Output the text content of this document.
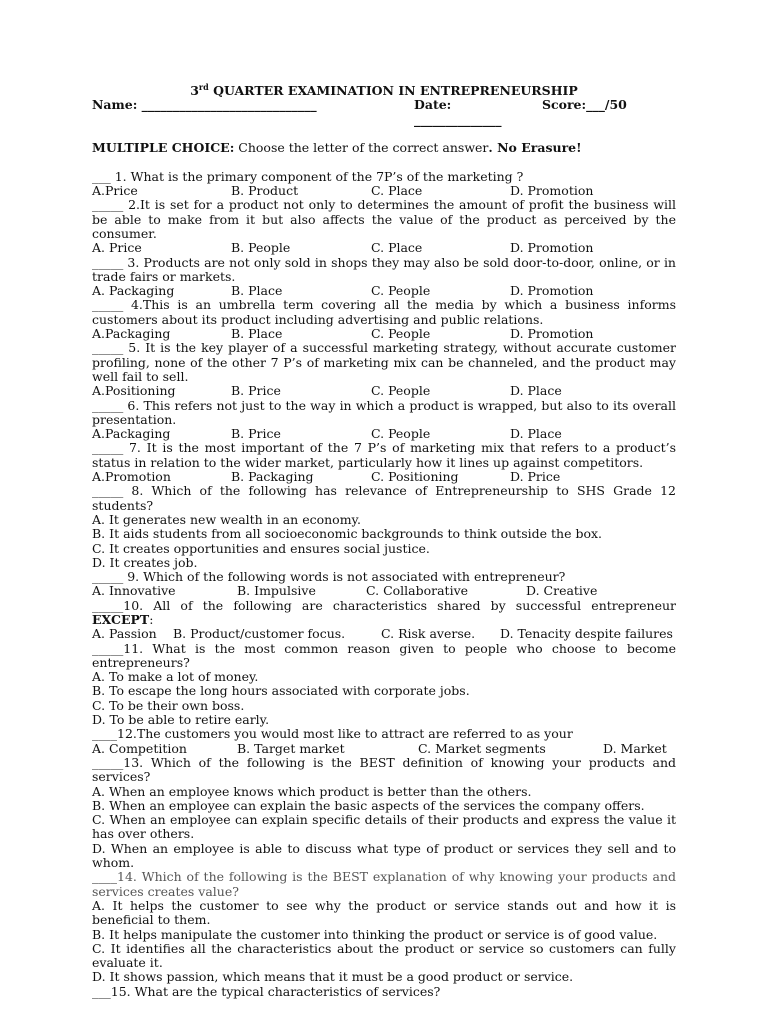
3rd QUARTER EXAMINATION IN ENTREPRENEURSHIP
Name: ____________________________	Date: ______________
Score:___/50
MULTIPLE CHOICE: Choose the letter of the correct answer. No Erasure!
___ 1. What is the primary component of the 7P’s of the marketing ?
A.Price	B. Product	C. Place	D. Promotion
_____ 2.It is set for a product not only to determines the amount of profit the business will be able to make from it but also affects the value of the product as perceived by the consumer.
A. Price	B. People	C. Place	D. Promotion
_____ 3. Products are not only sold in shops they may also be sold door-to-door, online, or in trade fairs or markets.
A. Packaging	B. Place	C. People	D. Promotion
_____ 4.This is an umbrella term covering all the media by which a business informs customers about its product including advertising and public relations.
A.Packaging	B. Place	C. People	D. Promotion
_____ 5. It is the key player of a successful marketing strategy, without accurate customer profiling, none of the other 7 P’s of marketing mix can be channeled, and the product may well fail to sell.
A.Positioning	B. Price	C. People	D. Place
_____ 6. This refers not just to the way in which a product is wrapped, but also to its overall presentation.
A.Packaging	B. Price	C. People	D. Place
_____ 7. It is the most important of the 7 P’s of marketing mix that refers to a product’s status in relation to the wider market, particularly how it lines up against competitors.
A.Promotion	B. Packaging	C. Positioning	D. Price
_____ 8. Which of the following has relevance of Entrepreneurship to SHS Grade 12 students?
A. It generates new wealth in an economy.
B. It aids students from all socioeconomic backgrounds to think outside the box.
C. It creates opportunities and ensures social justice.
D. It creates job.
_____ 9. Which of the following words is not associated with entrepreneur?
A. Innovative	B. Impulsive	C. Collaborative	D. Creative
_____10. All of the following are characteristics shared by successful entrepreneur EXCEPT:
A. Passion	B. Product/customer focus.	C. Risk averse.	D. Tenacity despite failures
_____11. What is the most common reason given to people who choose to become entrepreneurs?
A. To make a lot of money.
B. To escape the long hours associated with corporate jobs.
C. To be their own boss.
D. To be able to retire early.
____12.The customers you would most like to attract are referred to as your
A. Competition	B. Target market	C. Market segments	D. Market
_____13. Which of the following is the BEST definition of knowing your products and services?
A. When an employee knows which product is better than the others.
B. When an employee can explain the basic aspects of the services the company offers.
C. When an employee can explain specific details of their products and express the value it has over others.
D. When an employee is able to discuss what type of product or services they sell and to whom.
____14. Which of the following is the BEST explanation of why knowing your products and services creates value?
A. It helps the customer to see why the product or service stands out and how it is beneficial to them.
B. It helps manipulate the customer into thinking the product or service is of good value.
C. It identifies all the characteristics about the product or service so customers can fully evaluate it.
D. It shows passion, which means that it must be a good product or service.
___15. What are the typical characteristics of services?
